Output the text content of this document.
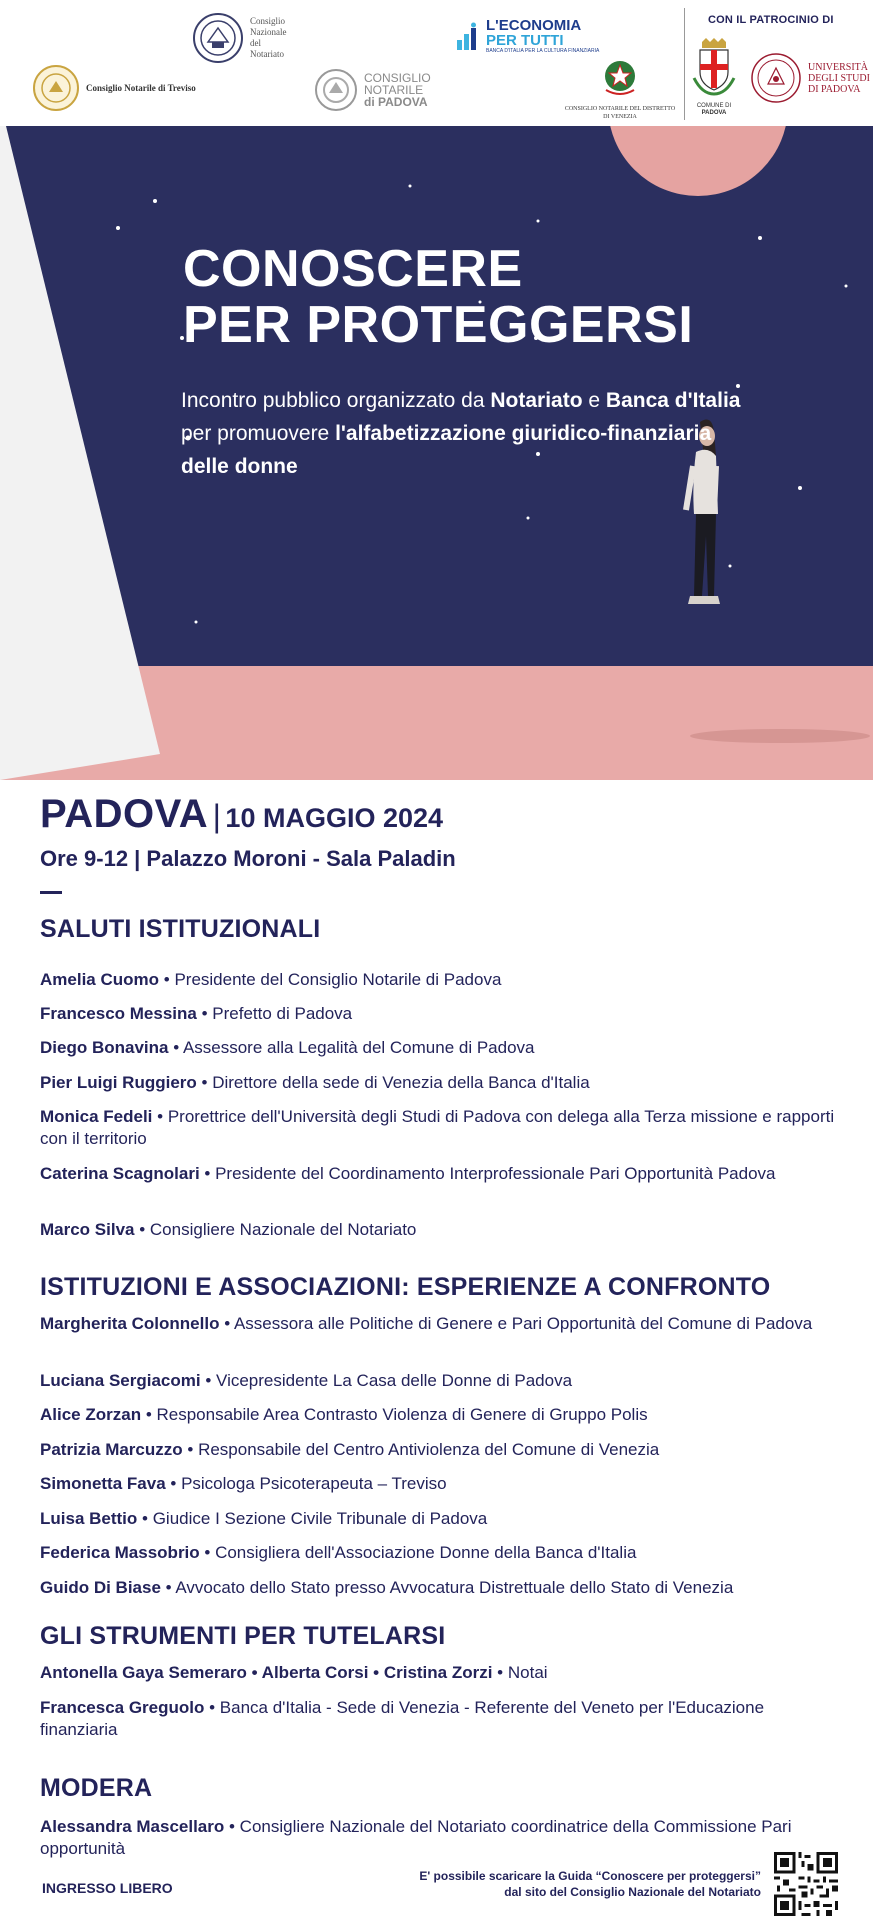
Consiglio
Nazionale
del
Notariato
Consiglio Notarile di Treviso
CONSIGLIO
NOTARILE
di PADOVA
L'ECONOMIA
PER TUTTI
BANCA D'ITALIA PER LA CULTURA FINANZIARIA
CONSIGLIO NOTARILE DEL DISTRETTO
DI VENEZIA
CON IL PATROCINIO DI
COMUNE DI
PADOVA
UNIVERSITÀ
DEGLI STUDI
DI PADOVA
CONOSCERE
PER PROTEGGERSI
Incontro pubblico organizzato da Notariato e Banca d'Italia per promuovere l'alfabetizzazione giuridico-finanziaria delle donne
PADOVA | 10 MAGGIO 2024
Ore 9-12 | Palazzo Moroni - Sala Paladin
SALUTI ISTITUZIONALI
Amelia Cuomo • Presidente del Consiglio Notarile di Padova
Francesco Messina • Prefetto di Padova
Diego Bonavina • Assessore alla Legalità del Comune di Padova
Pier Luigi Ruggiero • Direttore della sede di Venezia della Banca d'Italia
Monica Fedeli • Prorettrice dell'Università degli Studi di Padova con delega alla Terza missione e rapporti con il territorio
Caterina Scagnolari • Presidente del Coordinamento Interprofessionale Pari Opportunità Padova
Marco Silva • Consigliere Nazionale del Notariato
ISTITUZIONI E ASSOCIAZIONI: ESPERIENZE A CONFRONTO
Margherita Colonnello • Assessora alle Politiche di Genere e Pari Opportunità del Comune di Padova
Luciana Sergiacomi • Vicepresidente La Casa delle Donne di Padova
Alice Zorzan • Responsabile Area Contrasto Violenza di Genere di Gruppo Polis
Patrizia Marcuzzo • Responsabile del Centro Antiviolenza del Comune di Venezia
Simonetta Fava • Psicologa Psicoterapeuta – Treviso
Luisa Bettio • Giudice I Sezione Civile Tribunale di Padova
Federica Massobrio • Consigliera dell'Associazione Donne della Banca d'Italia
Guido Di Biase • Avvocato dello Stato presso Avvocatura Distrettuale dello Stato di Venezia
GLI STRUMENTI PER TUTELARSI
Antonella Gaya Semeraro • Alberta Corsi • Cristina Zorzi • Notai
Francesca Greguolo • Banca d'Italia - Sede di Venezia - Referente del Veneto per l'Educazione finanziaria
MODERA
Alessandra Mascellaro • Consigliere Nazionale del Notariato coordinatrice della Commissione Pari opportunità
INGRESSO LIBERO
E' possibile scaricare la Guida “Conoscere per proteggersi”
dal sito del Consiglio Nazionale del Notariato
